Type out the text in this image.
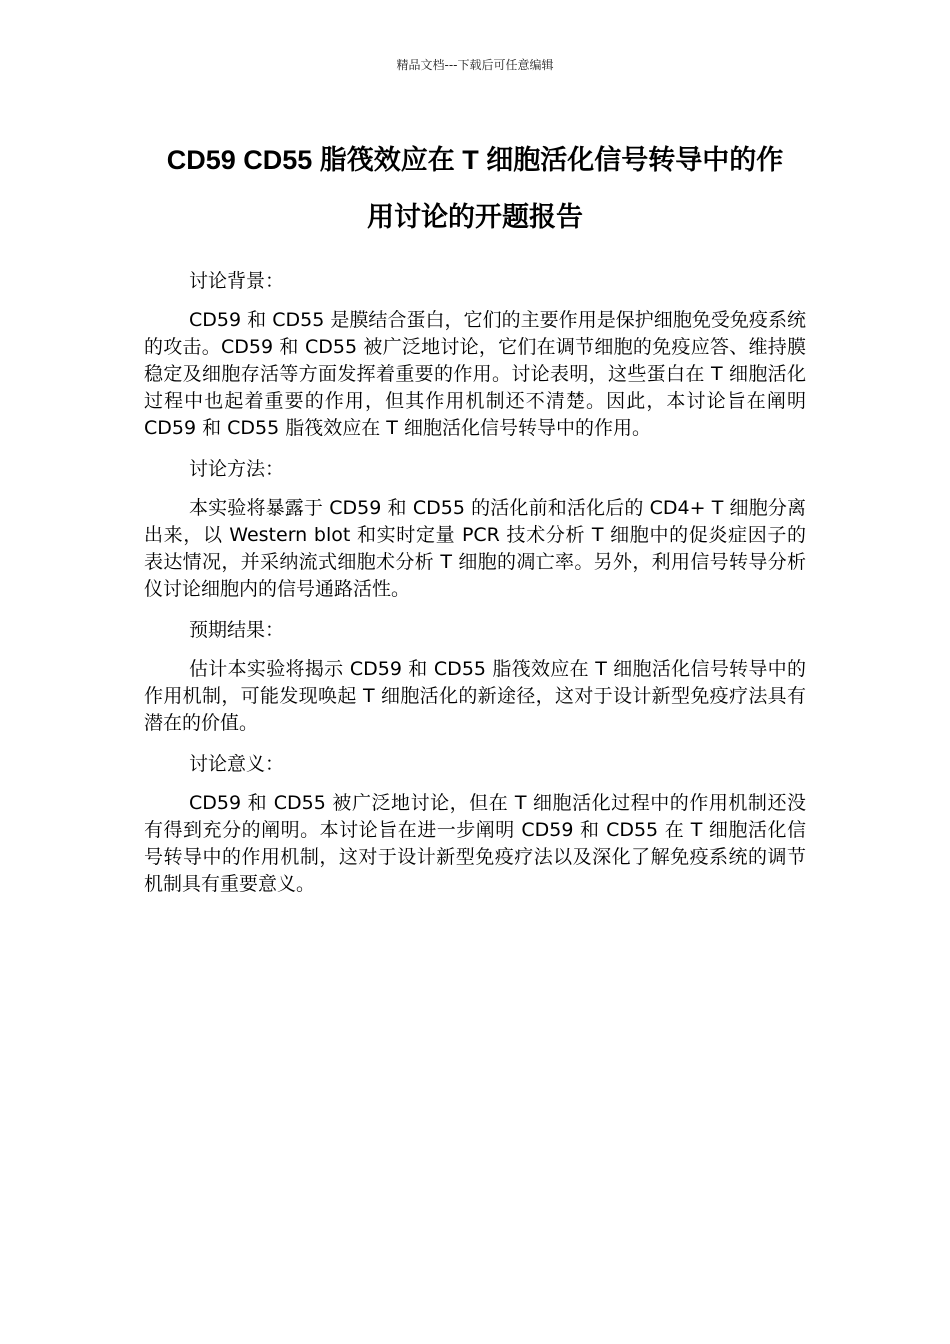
精品文档---下载后可任意编辑
CD59 CD55 脂筏效应在 T 细胞活化信号转导中的作
用讨论的开题报告

讨论背景：

CD59 和 CD55 是膜结合蛋白，它们的主要作用是保护细胞免受免疫系统的攻击。CD59 和 CD55 被广泛地讨论，它们在调节细胞的免疫应答、维持膜稳定及细胞存活等方面发挥着重要的作用。讨论表明，这些蛋白在 T 细胞活化过程中也起着重要的作用，但其作用机制还不清楚。因此，本讨论旨在阐明 CD59 和 CD55 脂筏效应在 T 细胞活化信号转导中的作用。

讨论方法：

本实验将暴露于 CD59 和 CD55 的活化前和活化后的 CD4+ T 细胞分离出来，以 Western blot 和实时定量 PCR 技术分析 T 细胞中的促炎症因子的表达情况，并采纳流式细胞术分析 T 细胞的凋亡率。另外，利用信号转导分析仪讨论细胞内的信号通路活性。

预期结果：

估计本实验将揭示 CD59 和 CD55 脂筏效应在 T 细胞活化信号转导中的作用机制，可能发现唤起 T 细胞活化的新途径，这对于设计新型免疫疗法具有潜在的价值。

讨论意义：

CD59 和 CD55 被广泛地讨论，但在 T 细胞活化过程中的作用机制还没有得到充分的阐明。本讨论旨在进一步阐明 CD59 和 CD55 在 T 细胞活化信号转导中的作用机制，这对于设计新型免疫疗法以及深化了解免疫系统的调节机制具有重要意义。
